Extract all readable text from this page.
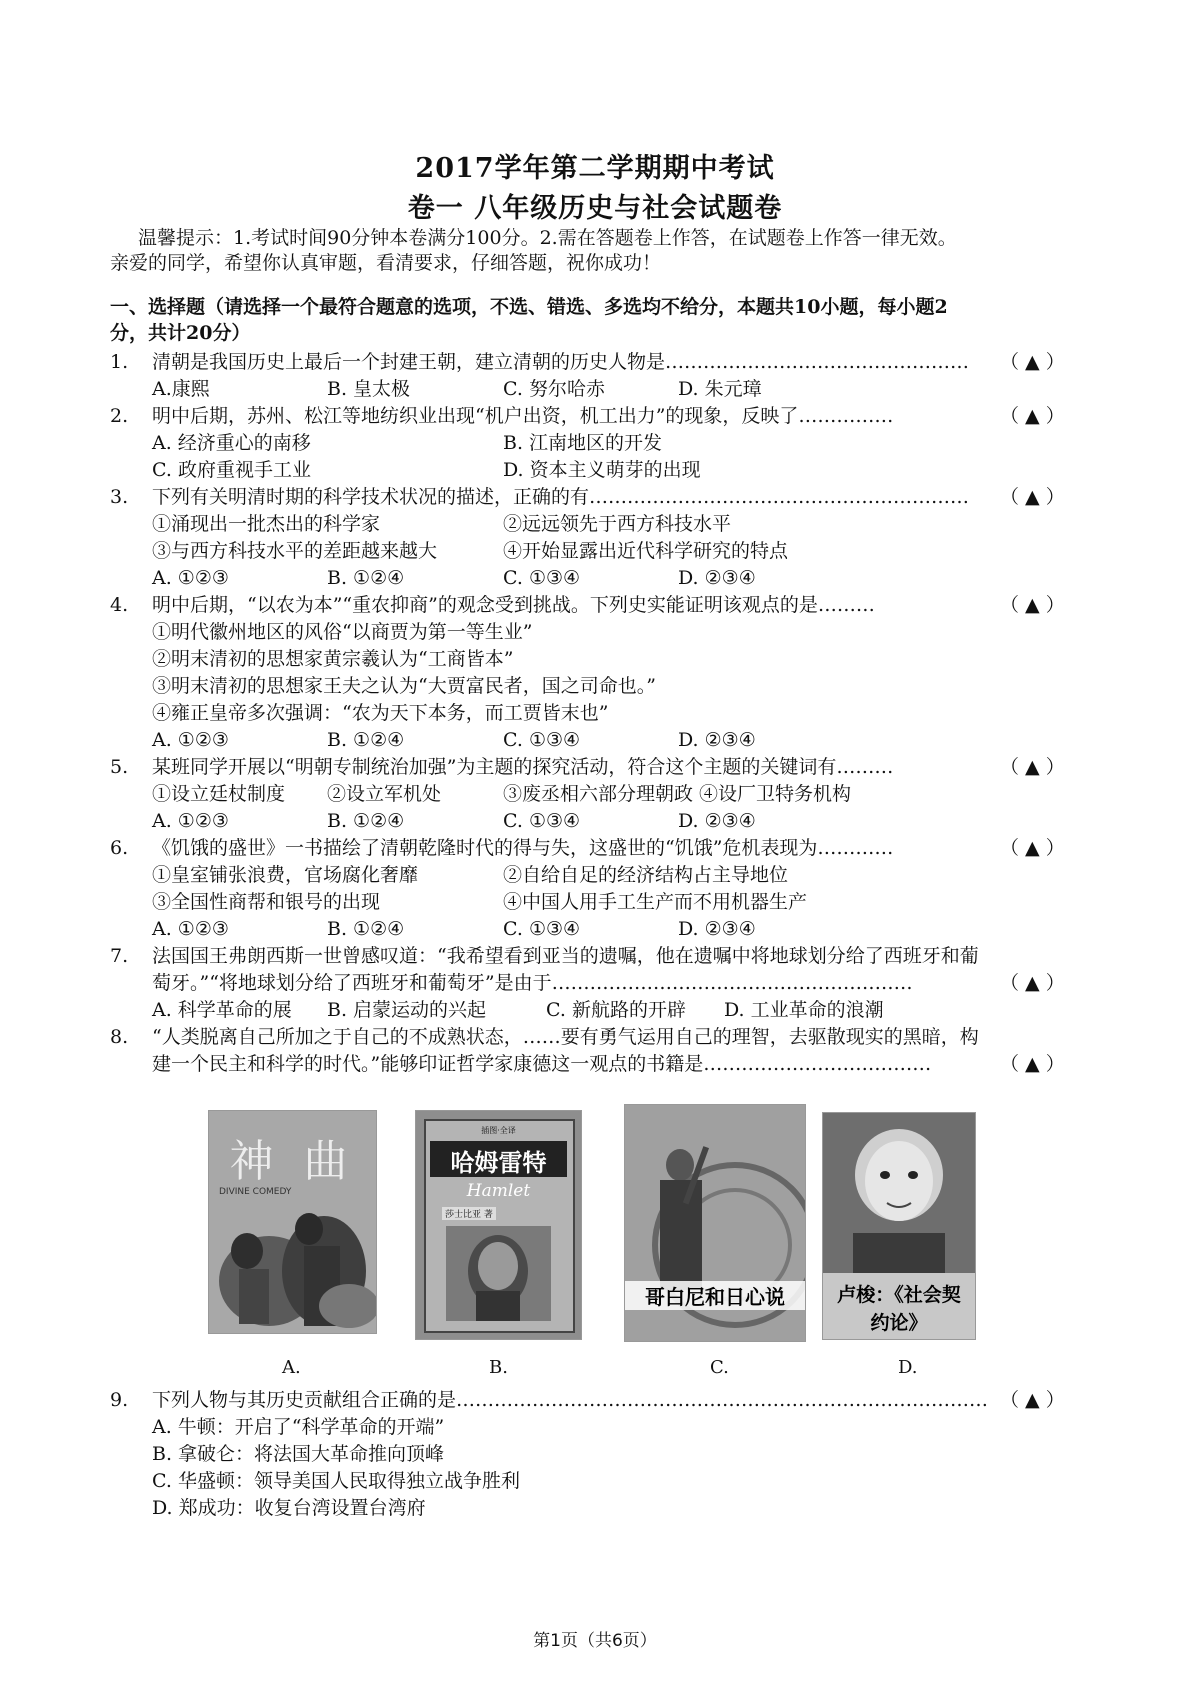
2017学年第二学期期中考试
卷一 八年级历史与社会试题卷
温馨提示：1.考试时间90分钟本卷满分100分。2.需在答题卷上作答，在试题卷上作答一律无效。
亲爱的同学，希望你认真审题，看清要求，仔细答题，祝你成功！
一、选择题（请选择一个最符合题意的选项，不选、错选、多选均不给分，本题共10小题，每小题2
分，共计20分）
1. 清朝是我国历史上最后一个封建王朝，建立清朝的历史人物是………………………………………… （ ▲ ）
A.康熙	B. 皇太极	C. 努尔哈赤	D. 朱元璋
2. 明中后期，苏州、松江等地纺织业出现“机户出资，机工出力”的现象，反映了……………	（ ▲ ）
A. 经济重心的南移	B. 江南地区的开发
C. 政府重视手工业	D. 资本主义萌芽的出现
3. 下列有关明清时期的科学技术状况的描述，正确的有…………………………………………………… （ ▲ ）
①涌现出一批杰出的科学家	②远远领先于西方科技水平
③与西方科技水平的差距越来越大	④开始显露出近代科学研究的特点
A. ①②③	B. ①②④	C. ①③④	D. ②③④
4. 明中后期，“以农为本”“重农抑商”的观念受到挑战。下列史实能证明该观点的是………	（ ▲ ）
①明代徽州地区的风俗“以商贾为第一等生业”
②明末清初的思想家黄宗羲认为“工商皆本”
③明末清初的思想家王夫之认为“大贾富民者，国之司命也。”
④雍正皇帝多次强调：“农为天下本务，而工贾皆末也”
A. ①②③	B. ①②④	C. ①③④	D. ②③④
5. 某班同学开展以“明朝专制统治加强”为主题的探究活动，符合这个主题的关键词有………	（ ▲ ）
①设立廷杖制度 ②设立军机处	③废丞相六部分理朝政 ④设厂卫特务机构
A. ①②③	B. ①②④	C. ①③④	D. ②③④
6. 《饥饿的盛世》一书描绘了清朝乾隆时代的得与失，这盛世的“饥饿”危机表现为…………	（ ▲ ）
①皇室铺张浪费，官场腐化奢靡	②自给自足的经济结构占主导地位
③全国性商帮和银号的出现	④中国人用手工生产而不用机器生产
A. ①②③	B. ①②④	C. ①③④	D. ②③④
7. 法国国王弗朗西斯一世曾感叹道：“我希望看到亚当的遗嘱，他在遗嘱中将地球划分给了西班牙和葡
萄牙。”“将地球划分给了西班牙和葡萄牙”是由于…………………………………………………	（ ▲ ）
A. 科学革命的展 B. 启蒙运动的兴起	C. 新航路的开辟 D. 工业革命的浪潮
8. “人类脱离自己所加之于自己的不成熟状态，……要有勇气运用自己的理智，去驱散现实的黑暗，构
建一个民主和科学的时代。”能够印证哲学家康德这一观点的书籍是………………………………	（ ▲ ）
神 曲
DIVINE COMEDY
A.
插图·全译
哈姆雷特
Hamlet
莎士比亚 著
B.
哥白尼和日心说
C.
卢梭：《社会契约论》
D.
9. 下列人物与其历史贡献组合正确的是………………………………………………………………………… （ ▲ ）
A. 牛顿：开启了“科学革命的开端”
B. 拿破仑：将法国大革命推向顶峰
C. 华盛顿：领导美国人民取得独立战争胜利
D. 郑成功：收复台湾设置台湾府
第1页（共6页）
